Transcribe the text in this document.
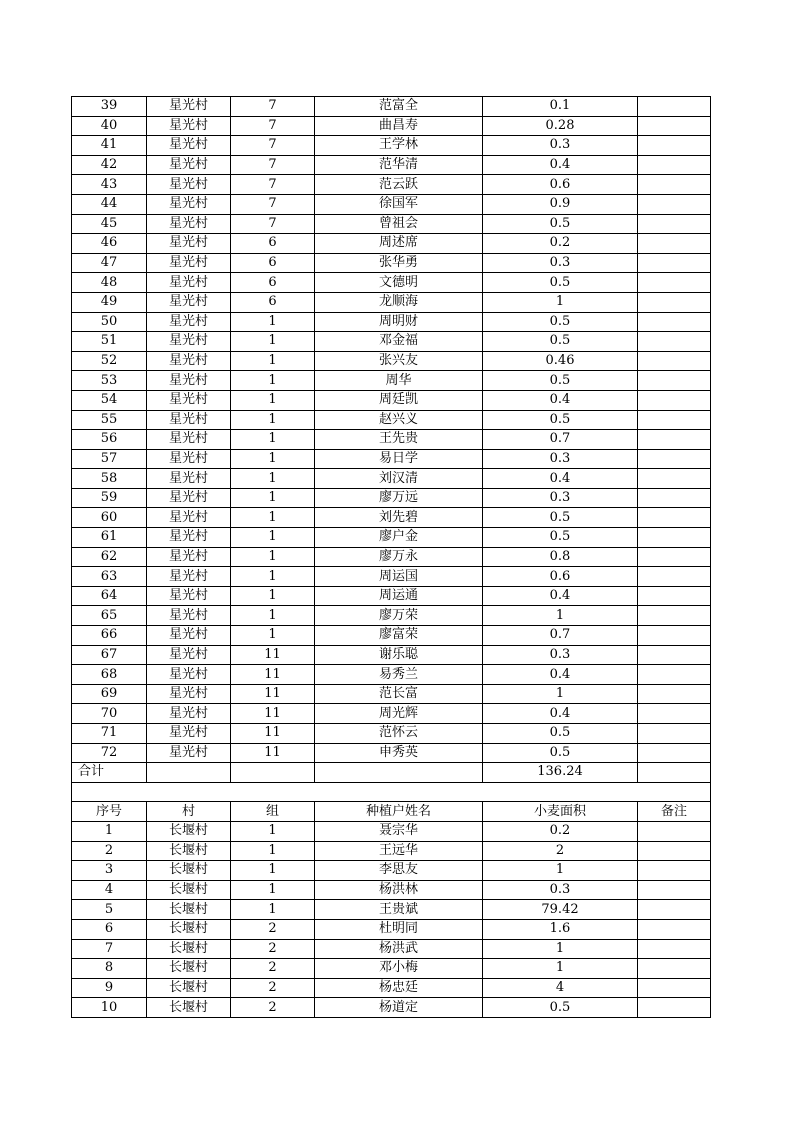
39	星光村	7	范富全	0.1	
40	星光村	7	曲昌寿	0.28	
41	星光村	7	王学林	0.3	
42	星光村	7	范华清	0.4	
43	星光村	7	范云跃	0.6	
44	星光村	7	徐国军	0.9	
45	星光村	7	曾祖会	0.5	
46	星光村	6	周述席	0.2	
47	星光村	6	张华勇	0.3	
48	星光村	6	文德明	0.5	
49	星光村	6	龙顺海	1	
50	星光村	1	周明财	0.5	
51	星光村	1	邓金福	0.5	
52	星光村	1	张兴友	0.46	
53	星光村	1	周华	0.5	
54	星光村	1	周廷凯	0.4	
55	星光村	1	赵兴义	0.5	
56	星光村	1	王先贵	0.7	
57	星光村	1	易日学	0.3	
58	星光村	1	刘汉清	0.4	
59	星光村	1	廖万远	0.3	
60	星光村	1	刘先碧	0.5	
61	星光村	1	廖户金	0.5	
62	星光村	1	廖万永	0.8	
63	星光村	1	周运国	0.6	
64	星光村	1	周运通	0.4	
65	星光村	1	廖万荣	1	
66	星光村	1	廖富荣	0.7	
67	星光村	11	谢乐聪	0.3	
68	星光村	11	易秀兰	0.4	
69	星光村	11	范长富	1	
70	星光村	11	周光辉	0.4	
71	星光村	11	范怀云	0.5	
72	星光村	11	申秀英	0.5	
合计				136.24	

序号	村	组	种植户姓名	小麦面积	备注
1	长堰村	1	聂宗华	0.2	
2	长堰村	1	王远华	2	
3	长堰村	1	李思友	1	
4	长堰村	1	杨洪林	0.3	
5	长堰村	1	王贵斌	79.42	
6	长堰村	2	杜明同	1.6	
7	长堰村	2	杨洪武	1	
8	长堰村	2	邓小梅	1	
9	长堰村	2	杨忠廷	4	
10	长堰村	2	杨道定	0.5	
